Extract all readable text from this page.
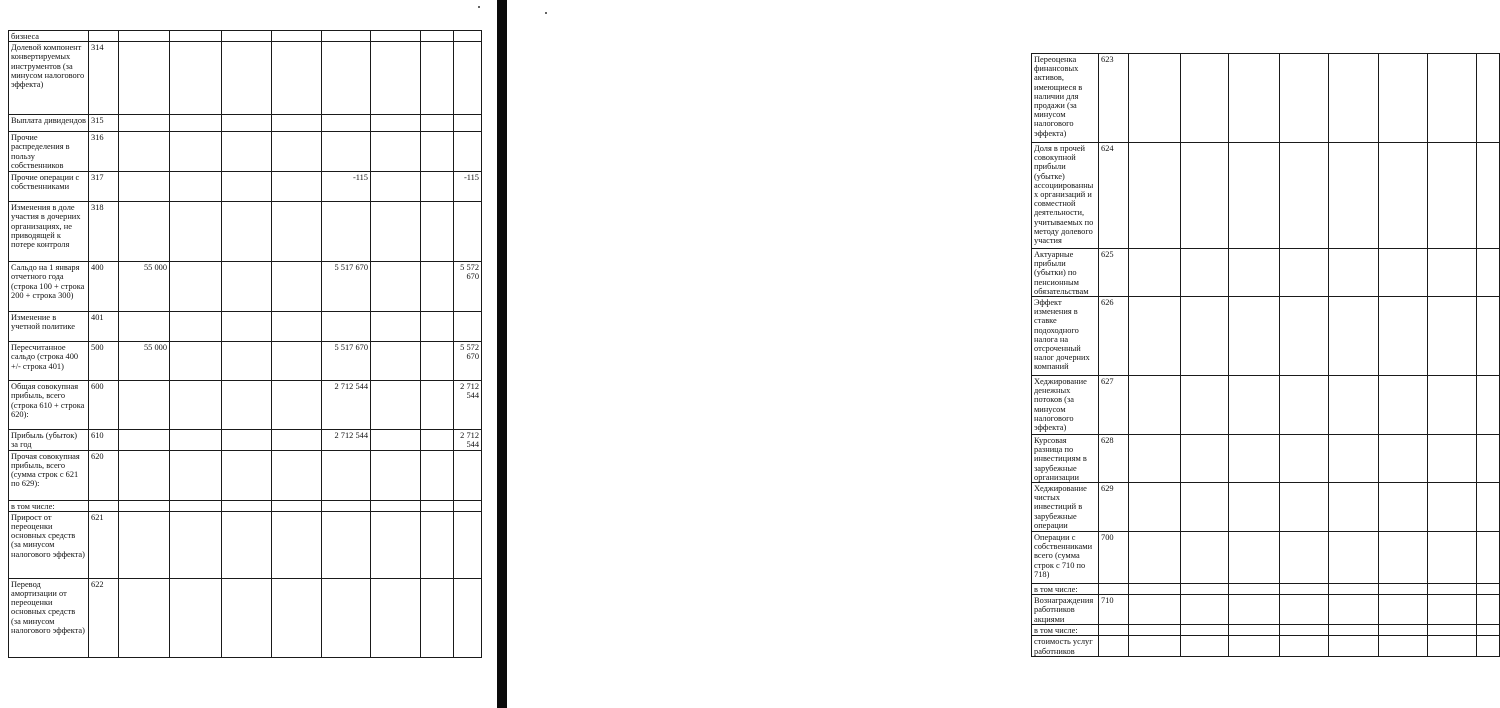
бизнеса									
Долевой компонент конвертируемых инструментов (за минусом налогового эффекта)	314								
Выплата дивидендов	315								
Прочие распределения в пользу собственников	316								
Прочие операции с собственниками	317					-115			-115
Изменения в доле участия в дочерних организациях, не приводящей к потере контроля	318								
Сальдо на 1 января отчетного года (строка 100 + строка 200 + строка 300)	400	55 000				5 517 670			5 572 670
Изменение в учетной политике	401								
Пересчитанное сальдо (строка 400 +/- строка 401)	500	55 000				5 517 670			5 572 670
Общая совокупная прибыль, всего (строка 610 + строка 620):	600					2 712 544			2 712 544
Прибыль (убыток) за год	610					2 712 544			2 712 544
Прочая совокупная прибыль, всего (сумма строк с 621 по 629):	620								
в том числе:									
Прирост от переоценки основных средств (за минусом налогового эффекта)	621								
Перевод амортизации от переоценки основных средств (за минусом налогового эффекта)	622								
Переоценка финансовых активов, имеющиеся в наличии для продажи (за минусом налогового эффекта)	623								
Доля в прочей совокупной прибыли (убытке) ассоциированных организаций и совместной деятельности, учитываемых по методу долевого участия	624								
Актуарные прибыли (убытки) по пенсионным обязательствам	625								
Эффект изменения в ставке подоходного налога на отсроченный налог дочерних компаний	626								
Хеджирование денежных потоков (за минусом налогового эффекта)	627								
Курсовая разница по инвестициям в зарубежные организации	628								
Хеджирование чистых инвестиций в зарубежные операции	629								
Операции с собственниками всего (сумма строк с 710 по 718)	700								
в том числе:									
Вознаграждения работников акциями	710								
в том числе:									
стоимость услуг работников									
